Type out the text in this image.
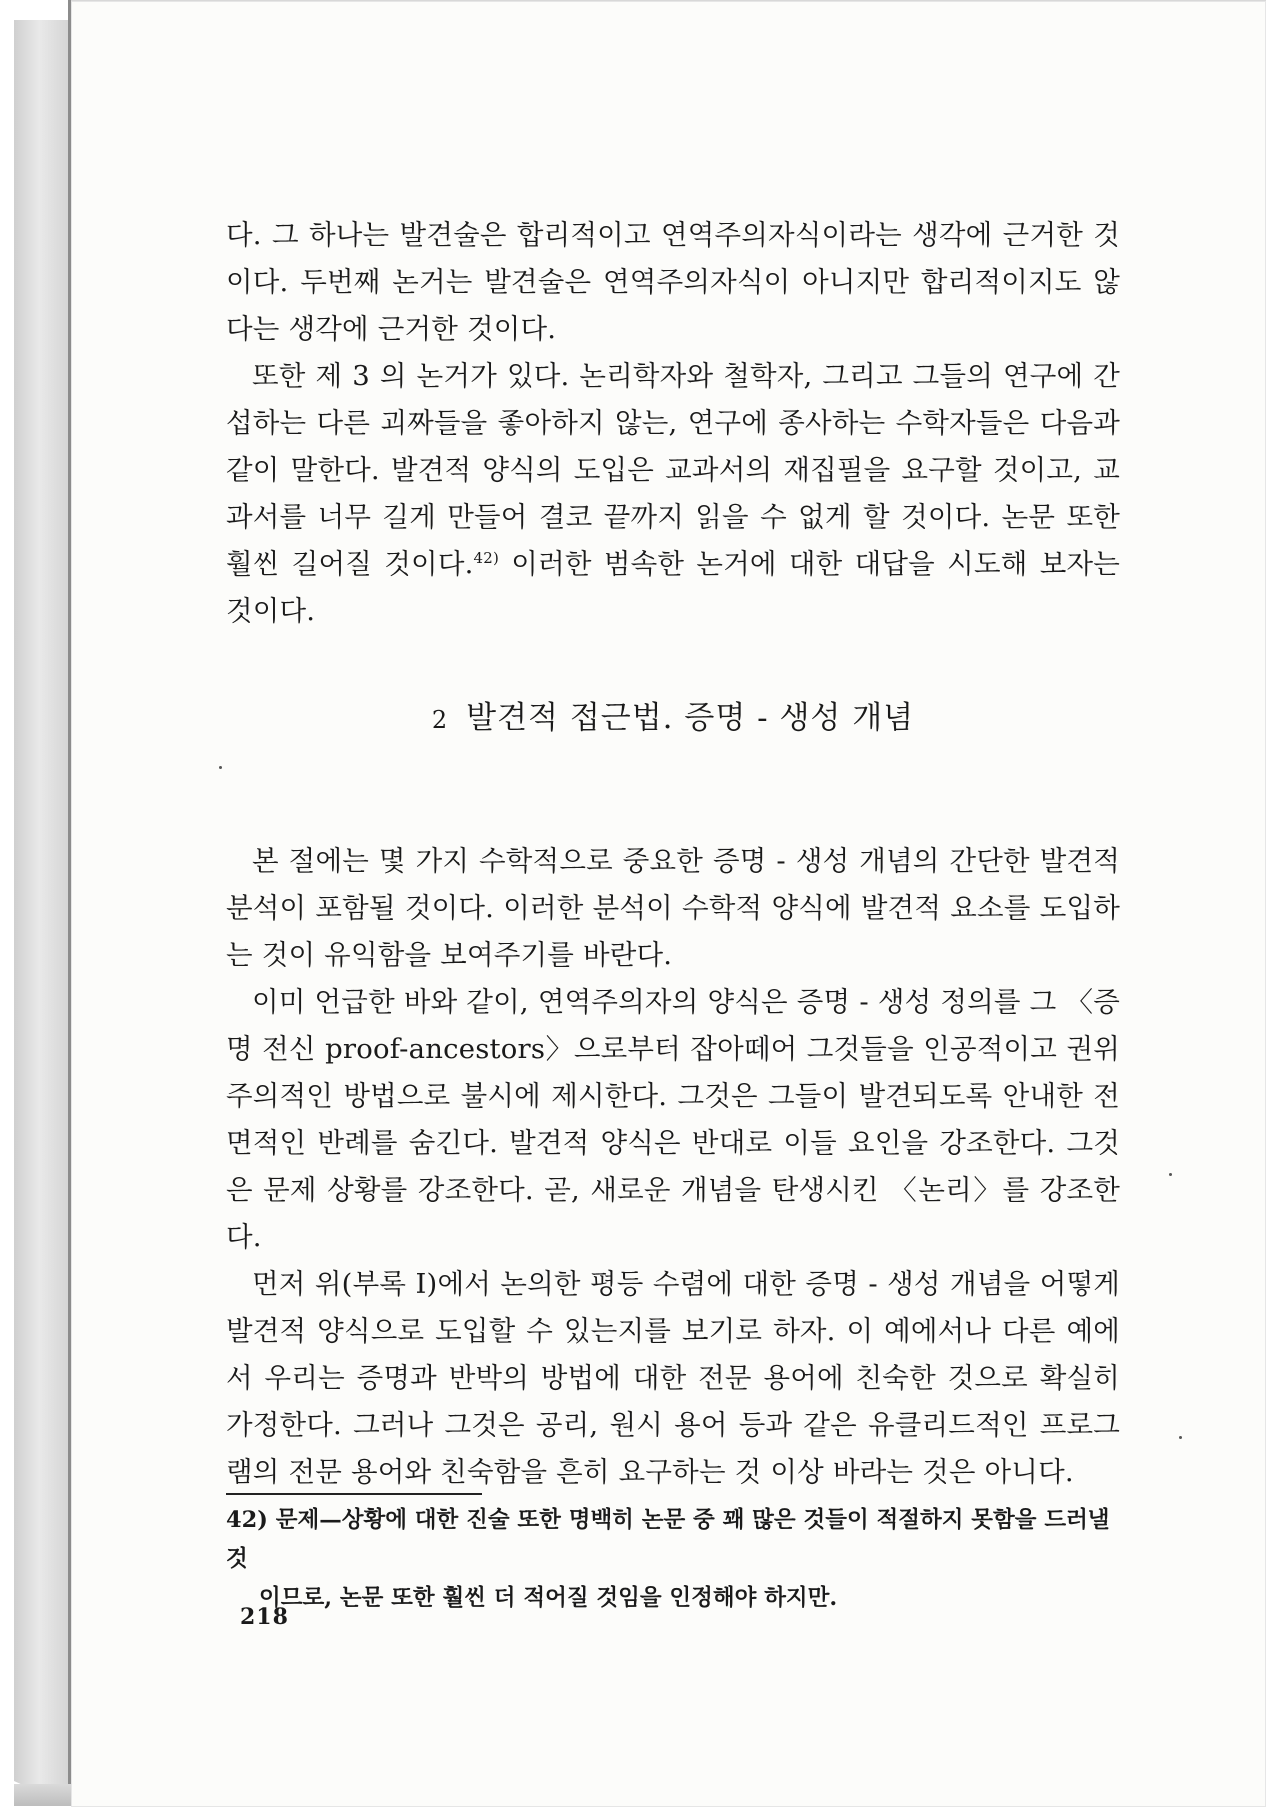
다. 그 하나는 발견술은 합리적이고 연역주의자식이라는 생각에 근거한 것이다. 두번째 논거는 발견술은 연역주의자식이 아니지만 합리적이지도 않다는 생각에 근거한 것이다.

또한 제 3 의 논거가 있다. 논리학자와 철학자, 그리고 그들의 연구에 간섭하는 다른 괴짜들을 좋아하지 않는, 연구에 종사하는 수학자들은 다음과 같이 말한다. 발견적 양식의 도입은 교과서의 재집필을 요구할 것이고, 교과서를 너무 길게 만들어 결코 끝까지 읽을 수 없게 할 것이다. 논문 또한 훨씬 길어질 것이다.$^{42)}$ 이러한 범속한 논거에 대한 대답을 시도해 보자는 것이다.

2 발견적 접근법. 증명 - 생성 개념

본 절에는 몇 가지 수학적으로 중요한 증명 - 생성 개념의 간단한 발견적 분석이 포함될 것이다. 이러한 분석이 수학적 양식에 발견적 요소를 도입하는 것이 유익함을 보여주기를 바란다.

이미 언급한 바와 같이, 연역주의자의 양식은 증명 - 생성 정의를 그 〈증명 전신 proof-ancestors〉으로부터 잡아떼어 그것들을 인공적이고 권위주의적인 방법으로 불시에 제시한다. 그것은 그들이 발견되도록 안내한 전면적인 반례를 숨긴다. 발견적 양식은 반대로 이들 요인을 강조한다. 그것은 문제 상황를 강조한다. 곧, 새로운 개념을 탄생시킨 〈논리〉를 강조한다.

먼저 위(부록 I)에서 논의한 평등 수렴에 대한 증명 - 생성 개념을 어떻게 발견적 양식으로 도입할 수 있는지를 보기로 하자. 이 예에서나 다른 예에서 우리는 증명과 반박의 방법에 대한 전문 용어에 친숙한 것으로 확실히 가정한다. 그러나 그것은 공리, 원시 용어 등과 같은 유클리드적인 프로그램의 전문 용어와 친숙함을 흔히 요구하는 것 이상 바라는 것은 아니다.

42) 문제—상황에 대한 진술 또한 명백히 논문 중 꽤 많은 것들이 적절하지 못함을 드러낼 것
이므로, 논문 또한 훨씬 더 적어질 것임을 인정해야 하지만.
218
